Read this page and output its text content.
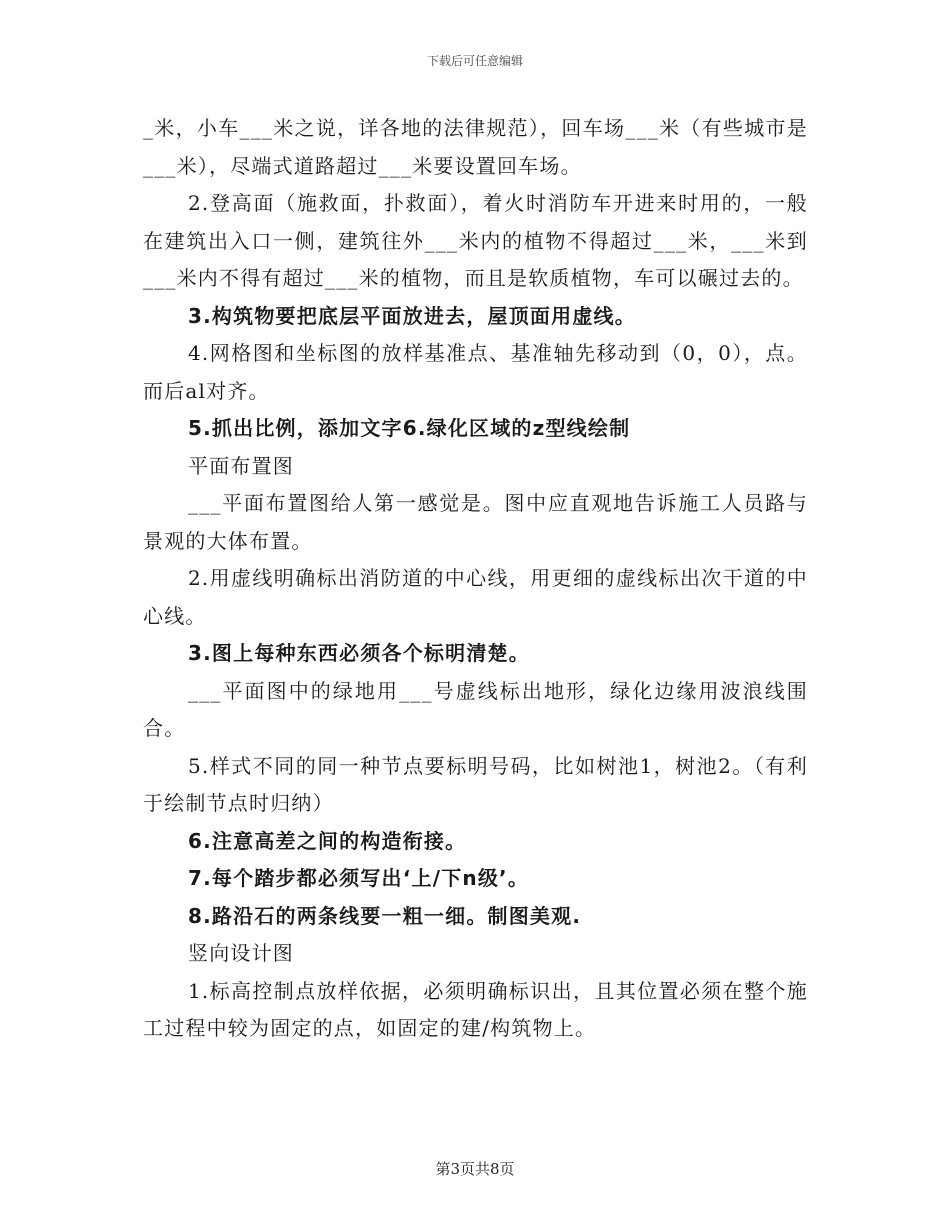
下载后可任意编辑

_米，小车___米之说，详各地的法律规范），回车场___米（有些城市是___米），尽端式道路超过___米要设置回车场。

2.登高面（施救面，扑救面），着火时消防车开进来时用的，一般在建筑出入口一侧，建筑往外___米内的植物不得超过___米，___米到___米内不得有超过___米的植物，而且是软质植物，车可以碾过去的。

3.构筑物要把底层平面放进去，屋顶面用虚线。

4.网格图和坐标图的放样基准点、基准轴先移动到（0，0），点。而后al对齐。

5.抓出比例，添加文字6.绿化区域的z型线绘制

平面布置图

___平面布置图给人第一感觉是。图中应直观地告诉施工人员路与景观的大体布置。

2.用虚线明确标出消防道的中心线，用更细的虚线标出次干道的中心线。

3.图上每种东西必须各个标明清楚。

___平面图中的绿地用___号虚线标出地形，绿化边缘用波浪线围合。

5.样式不同的同一种节点要标明号码，比如树池1，树池2。（有利于绘制节点时归纳）

6.注意高差之间的构造衔接。

7.每个踏步都必须写出‘上/下n级’。

8.路沿石的两条线要一粗一细。制图美观.

竖向设计图

1.标高控制点放样依据，必须明确标识出，且其位置必须在整个施工过程中较为固定的点，如固定的建/构筑物上。

第3页共8页
